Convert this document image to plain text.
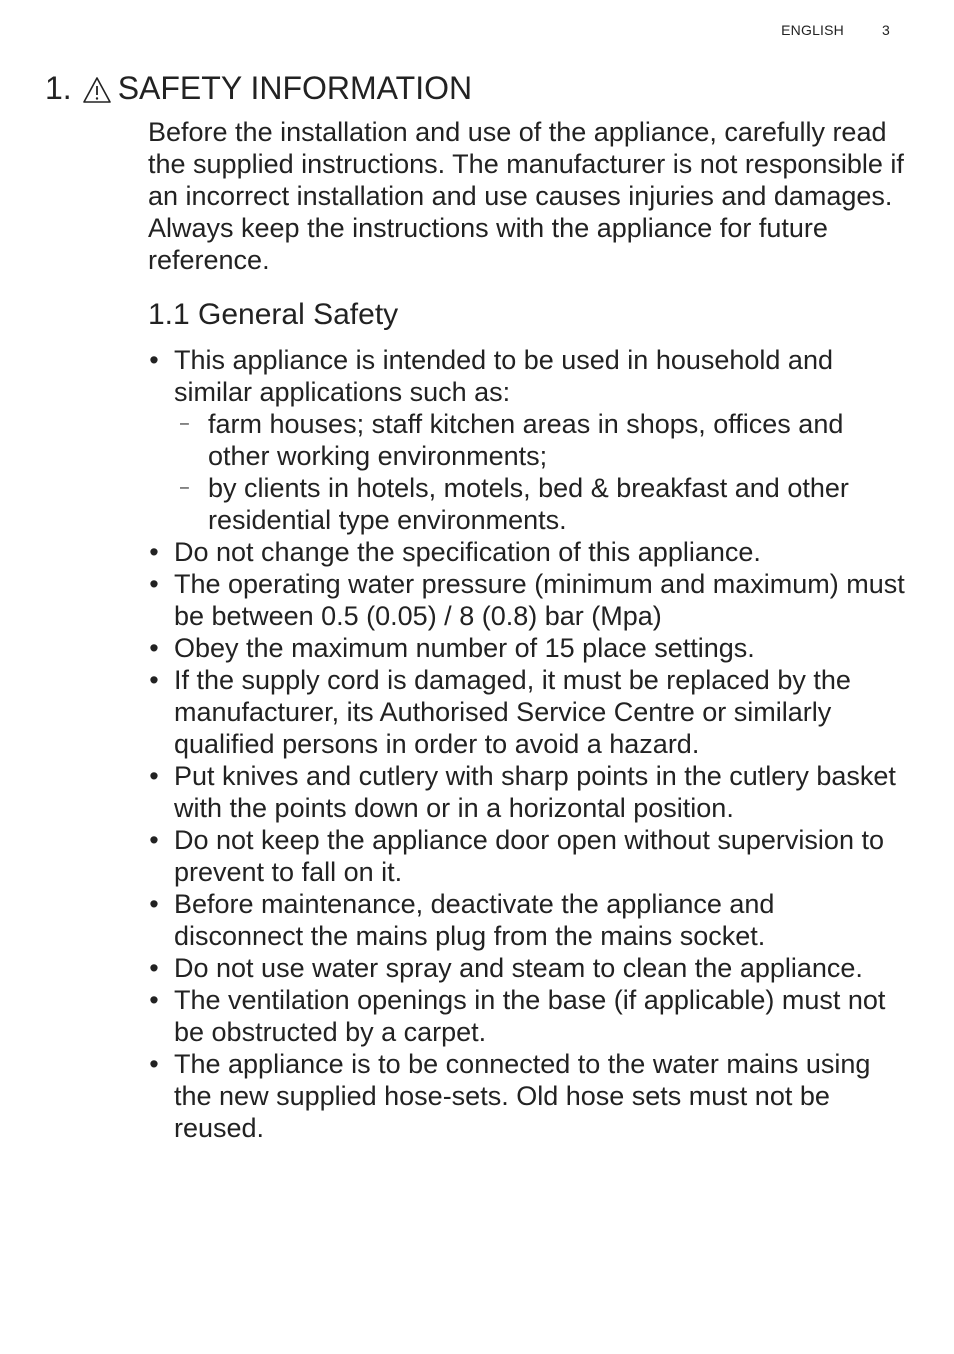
ENGLISH	3
1. SAFETY INFORMATION

Before the installation and use of the appliance, carefully read the supplied instructions. The manufacturer is not responsible if an incorrect installation and use causes injuries and damages. Always keep the instructions with the appliance for future reference.

1.1 General Safety
• This appliance is intended to be used in household and similar applications such as:
– farm houses; staff kitchen areas in shops, offices and other working environments;
– by clients in hotels, motels, bed & breakfast and other residential type environments.
• Do not change the specification of this appliance.
• The operating water pressure (minimum and maximum) must be between 0.5 (0.05) / 8 (0.8) bar (Mpa)
• Obey the maximum number of 15 place settings.
• If the supply cord is damaged, it must be replaced by the manufacturer, its Authorised Service Centre or similarly qualified persons in order to avoid a hazard.
• Put knives and cutlery with sharp points in the cutlery basket with the points down or in a horizontal position.
• Do not keep the appliance door open without supervision to prevent to fall on it.
• Before maintenance, deactivate the appliance and disconnect the mains plug from the mains socket.
• Do not use water spray and steam to clean the appliance.
• The ventilation openings in the base (if applicable) must not be obstructed by a carpet.
• The appliance is to be connected to the water mains using the new supplied hose-sets. Old hose sets must not be reused.
